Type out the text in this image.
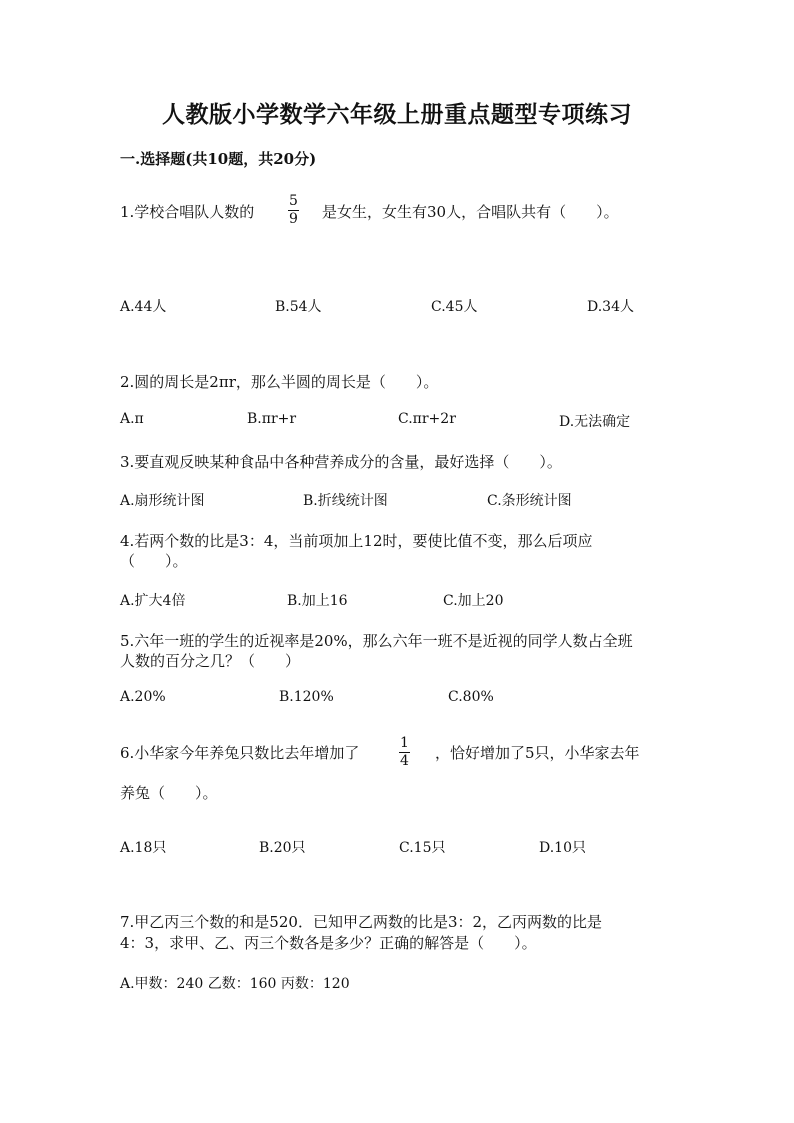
人教版小学数学六年级上册重点题型专项练习
一.选择题(共10题，共20分)
1.学校合唱队人数的
5
9 是女生，女生有30人，合唱队共有（　　）。
A.44人	B.54人	C.45人	D.34人
2.圆的周长是2πr，那么半圆的周长是（　　）。
A.π	B.πr+r	C.πr+2r	D.无法确定
3.要直观反映某种食品中各种营养成分的含量，最好选择（　　）。
A.扇形统计图	B.折线统计图	C.条形统计图
4.若两个数的比是3：4，当前项加上12时，要使比值不变，那么后项应
（　　）。
A.扩大4倍	B.加上16	C.加上20
5.六年一班的学生的近视率是20%，那么六年一班不是近视的同学人数占全班
人数的百分之几？（　　）
A.20%	B.120%	C.80%
6.小华家今年养兔只数比去年增加了
1
4 ，恰好增加了5只，小华家去年
养兔（　　）。
A.18只	B.20只	C.15只	D.10只
7.甲乙丙三个数的和是520．已知甲乙两数的比是3：2，乙丙两数的比是
4：3，求甲、乙、丙三个数各是多少？正确的解答是（　　）。
A.甲数：240 乙数：160 丙数：120
